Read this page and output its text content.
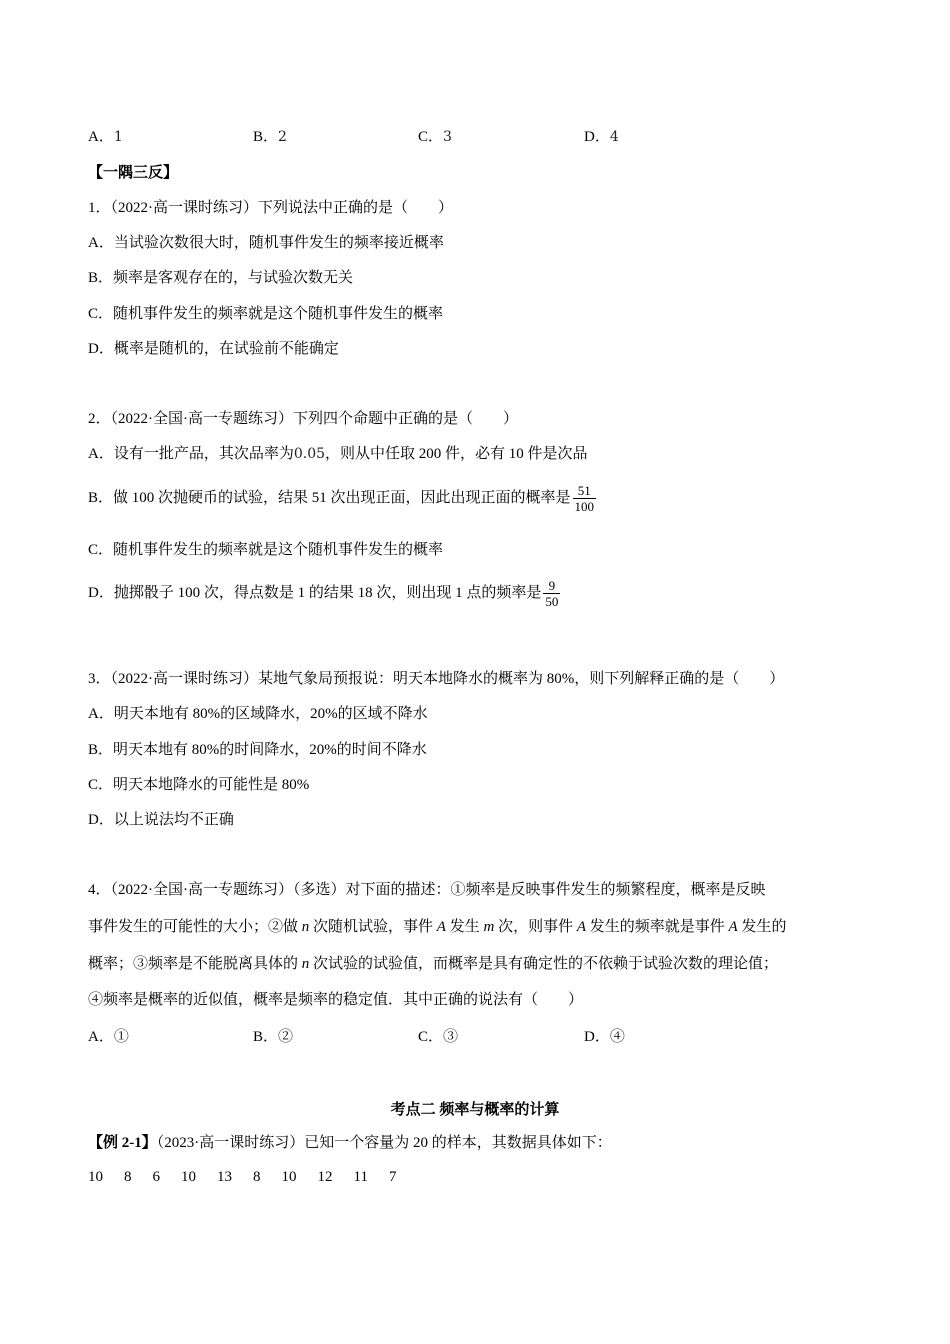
A．1	B．2	C．3	D．4
【一隅三反】
1．（2022·高一课时练习）下列说法中正确的是（　　）
A．当试验次数很大时，随机事件发生的频率接近概率
B．频率是客观存在的，与试验次数无关
C．随机事件发生的频率就是这个随机事件发生的概率
D．概率是随机的，在试验前不能确定
2．（2022·全国·高一专题练习）下列四个命题中正确的是（　　）
A．设有一批产品，其次品率为0.05，则从中任取 200 件，必有 10 件是次品
B．做 100 次抛硬币的试验，结果 51 次出现正面，因此出现正面的概率是 $\frac{51}{100}$
C．随机事件发生的频率就是这个随机事件发生的概率
D．抛掷骰子 100 次，得点数是 1 的结果 18 次，则出现 1 点的频率是 $\frac{9}{50}$
3．（2022·高一课时练习）某地气象局预报说：明天本地降水的概率为 80%，则下列解释正确的是（　　）
A．明天本地有 80%的区域降水，20%的区域不降水
B．明天本地有 80%的时间降水，20%的时间不降水
C．明天本地降水的可能性是 80%
D．以上说法均不正确
4．（2022·全国·高一专题练习）（多选）对下面的描述：①频率是反映事件发生的频繁程度，概率是反映
事件发生的可能性的大小；②做 n 次随机试验，事件 A 发生 m 次，则事件 A 发生的频率就是事件 A 发生的
概率；③频率是不能脱离具体的 n 次试验的试验值，而概率是具有确定性的不依赖于试验次数的理论值；
④频率是概率的近似值，概率是频率的稳定值．其中正确的说法有（　　）
A．①	B．②	C．③	D．④
考点二 频率与概率的计算
【例 2-1】（2023·高一课时练习）已知一个容量为 20 的样本，其数据具体如下：
10 8 6 10 13 8 10 12 11 7
